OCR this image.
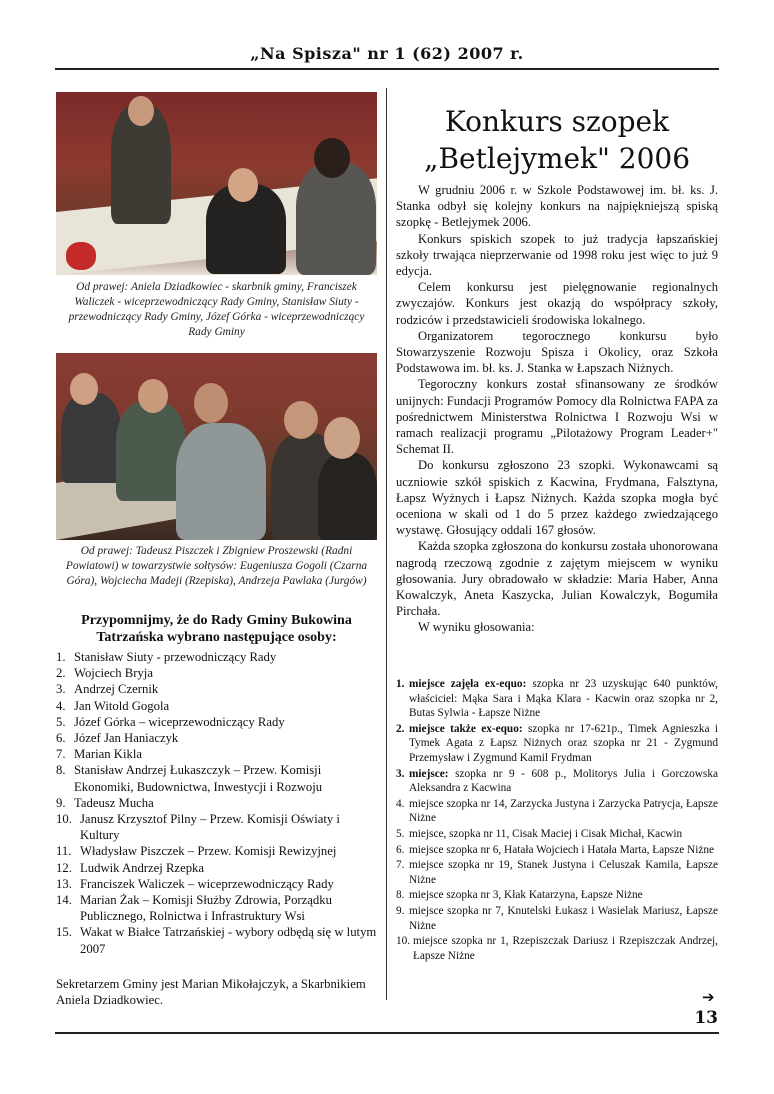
„Na Spisza" nr 1 (62) 2007 r.
Od prawej: Aniela Dziadkowiec - skarbnik gminy, Franciszek Waliczek - wiceprzewodniczący Rady Gminy, Stanisław Siuty - przewodniczący Rady Gminy, Józef Górka - wiceprzewodniczący Rady Gminy
Od prawej: Tadeusz Piszczek i Zbigniew Proszewski (Radni Powiatowi) w towarzystwie sołtysów: Eugeniusza Gogoli (Czarna Góra), Wojciecha Madeji (Rzepiska), Andrzeja Pawlaka (Jurgów)
Przypomnijmy, że do Rady Gminy Bukowina Tatrzańska wybrano następujące osoby:
1. Stanisław Siuty - przewodniczący Rady
2. Wojciech Bryja
3. Andrzej Czernik
4. Jan Witold Gogola
5. Józef Górka – wiceprzewodniczący Rady
6. Józef Jan Haniaczyk
7. Marian Kikla
8. Stanisław Andrzej Łukaszczyk – Przew. Komisji Ekonomiki, Budownictwa, Inwestycji i Rozwoju
9. Tadeusz Mucha
10. Janusz Krzysztof Pilny – Przew. Komisji Oświaty i Kultury
11. Władysław Piszczek – Przew. Komisji Rewizyjnej
12. Ludwik Andrzej Rzepka
13. Franciszek Waliczek – wiceprzewodniczący Rady
14. Marian Żak – Komisji Służby Zdrowia, Porządku Publicznego, Rolnictwa i Infrastruktury Wsi
15. Wakat w Białce Tatrzańskiej - wybory odbędą się w lutym 2007
Sekretarzem Gminy jest Marian Mikołajczyk, a Skarbnikiem Aniela Dziadkowiec.
Konkurs szopek
„Betlejymek" 2006

W grudniu 2006 r. w Szkole Podstawowej im. bł. ks. J. Stanka odbył się kolejny konkurs na najpiękniejszą spiską szopkę - Betlejymek 2006.

Konkurs spiskich szopek to już tradycja łapszańskiej szkoły trwająca nieprzerwanie od 1998 roku jest więc to już 9 edycja.

Celem konkursu jest pielęgnowanie regionalnych zwyczajów. Konkurs jest okazją do współpracy szkoły, rodziców i przedstawicieli środowiska lokalnego.

Organizatorem tegorocznego konkursu było Stowarzyszenie Rozwoju Spisza i Okolicy, oraz Szkoła Podstawowa im. bł. ks. J. Stanka w Łapszach Niżnych.

Tegoroczny konkurs został sfinansowany ze środków unijnych: Fundacji Programów Pomocy dla Rolnictwa FAPA za pośrednictwem Ministerstwa Rolnictwa I Rozwoju Wsi w ramach realizacji programu „Pilotażowy Program Leader+" Schemat II.

Do konkursu zgłoszono 23 szopki. Wykonawcami są uczniowie szkół spiskich z Kacwina, Frydmana, Falsztyna, Łapsz Wyżnych i Łapsz Niżnych. Każda szopka mogła być oceniona w skali od 1 do 5 przez każdego zwiedzającego wystawę. Głosujący oddali 167 głosów.

Każda szopka zgłoszona do konkursu została uhonorowana nagrodą rzeczową zgodnie z zajętym miejscem w wyniku głosowania. Jury obradowało w składzie: Maria Haber, Anna Kowalczyk, Aneta Kaszycka, Julian Kowalczyk, Bogumiła Pirchała.

W wyniku głosowania:

1. miejsce zajęła ex-equo: szopka nr 23 uzyskując 640 punktów, właściciel: Mąka Sara i Mąka Klara - Kacwin oraz szopka nr 2, Butas Sylwia - Łapsze Niżne
2. miejsce także ex-equo: szopka nr 17-621p., Timek Agnieszka i Tymek Agata z Łapsz Niżnych oraz szopka nr 21 - Zygmund Przemysław i Zygmund Kamil Frydman
3. miejsce: szopka nr 9 - 608 p., Molitorys Julia i Gorczowska Aleksandra z Kacwina
4. miejsce szopka nr 14, Zarzycka Justyna i Zarzycka Patrycja, Łapsze Niżne
5. miejsce, szopka nr 11, Cisak Maciej i Cisak Michał, Kacwin
6. miejsce szopka nr 6, Hatała Wojciech i Hatała Marta, Łapsze Niżne
7. miejsce szopka nr 19, Stanek Justyna i Celuszak Kamila, Łapsze Niżne
8. miejsce szopka nr 3, Kłak Katarzyna, Łapsze Niżne
9. miejsce szopka nr 7, Knutelski Łukasz i Wasielak Mariusz, Łapsze Niżne
10. miejsce szopka nr 1, Rzepiszczak Dariusz i Rzepiszczak Andrzej, Łapsze Niżne
➔
13
